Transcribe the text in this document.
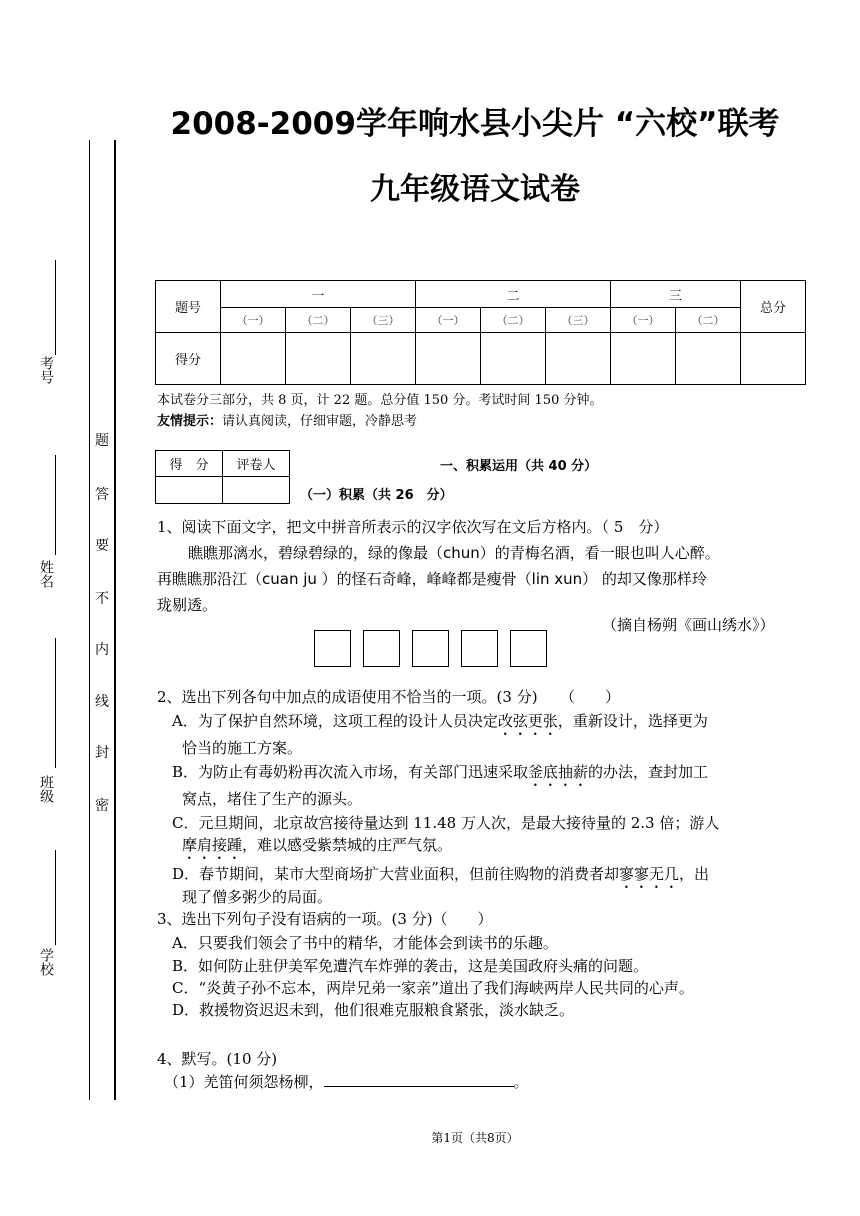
2008-2009学年响水县小尖片 “六校”联考
九年级语文试卷
考号
姓名
班级
学校
题
答
要
不
内
线
封
密
题号	一			二			三		总分
	（一）	（二）	（三）	（一）	（二）	（三）	（一）	（二）	
得分									
本试卷分三部分，共 8 页，计 22 题。总分值 150 分。考试时间 150 分钟。
友情提示：请认真阅读，仔细审题，冷静思考
得　分	评卷人
		一、积累运用（共 40 分）
（一）积累（共 26　分）
1、阅读下面文字，把文中拼音所表示的汉字依次写在文后方格内。（ 5　分）
瞧瞧那漓水，碧绿碧绿的，绿的像最（chun）的青梅名酒，看一眼也叫人心醉。
再瞧瞧那沿江（cuan ju ）的怪石奇峰，峰峰都是瘦骨（lin xun） 的却又像那样玲
珑剔透。
（摘自杨朔《画山绣水》）
2、选出下列各句中加点的成语使用不恰当的一项。(3 分)　　（　　）
A．为了保护自然环境，这项工程的设计人员决定改弦更张，重新设计，选择更为
恰当的施工方案。
B．为防止有毒奶粉再次流入市场，有关部门迅速采取釜底抽薪的办法，查封加工
窝点，堵住了生产的源头。
C．元旦期间，北京故宫接待量达到 11.48 万人次，是最大接待量的 2.3 倍；游人
摩肩接踵，难以感受紫禁城的庄严气氛。
D．春节期间，某市大型商场扩大营业面积，但前往购物的消费者却寥寥无几，出
现了僧多粥少的局面。
3、选出下列句子没有语病的一项。(3 分)（　　）
A．只要我们领会了书中的精华，才能体会到读书的乐趣。
B．如何防止驻伊美军免遭汽车炸弹的袭击，这是美国政府头痛的问题。
C．“炎黄子孙不忘本，两岸兄弟一家亲”道出了我们海峡两岸人民共同的心声。
D．救援物资迟迟未到，他们很难克服粮食紧张，淡水缺乏。
4、默写。(10 分)
（1）羌笛何须怨杨柳，	。
第1页（共8页）
